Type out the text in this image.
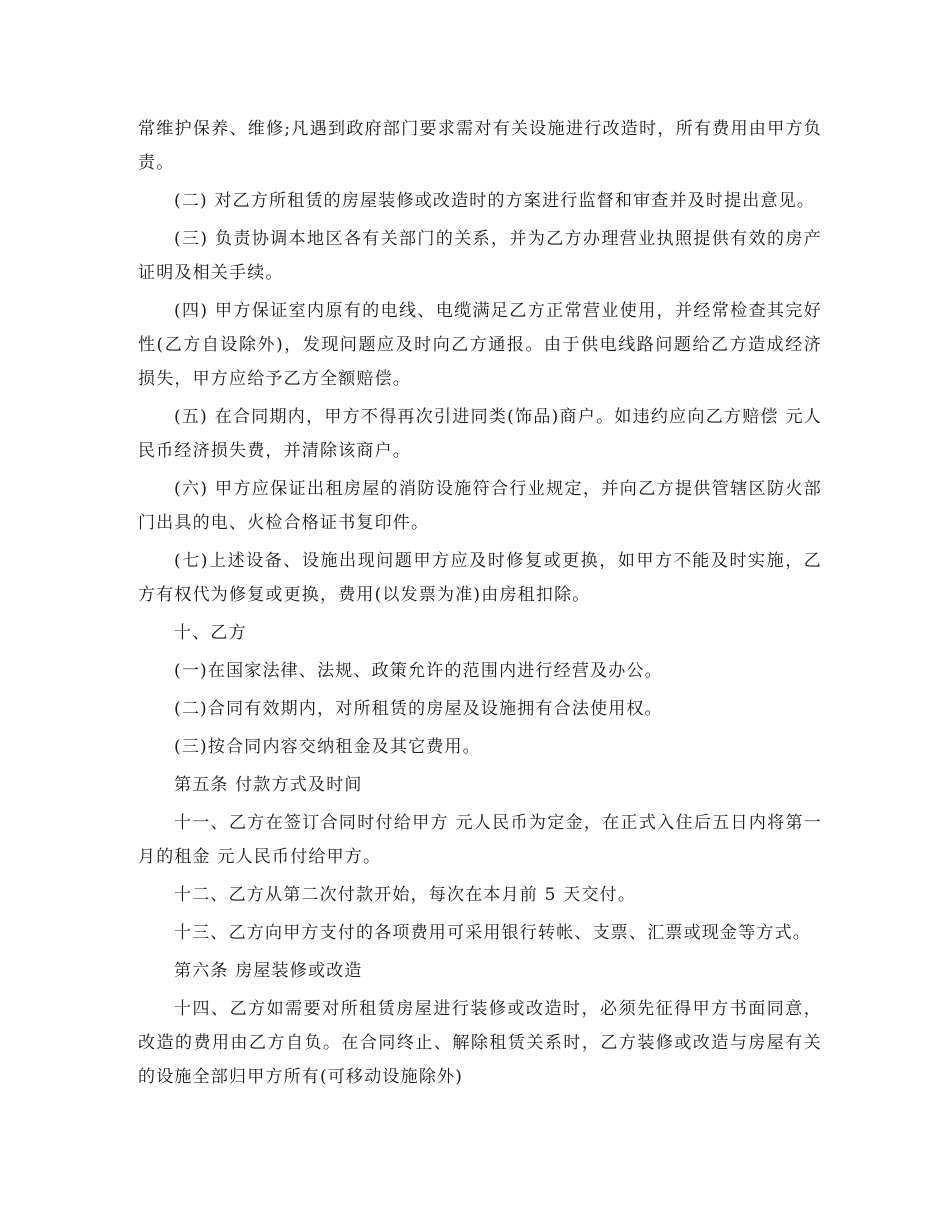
常维护保养、维修;凡遇到政府部门要求需对有关设施进行改造时，所有费用由甲方负责。

(二) 对乙方所租赁的房屋装修或改造时的方案进行监督和审查并及时提出意见。

(三) 负责协调本地区各有关部门的关系，并为乙方办理营业执照提供有效的房产证明及相关手续。

(四) 甲方保证室内原有的电线、电缆满足乙方正常营业使用，并经常检查其完好性(乙方自设除外)，发现问题应及时向乙方通报。由于供电线路问题给乙方造成经济损失，甲方应给予乙方全额赔偿。

(五) 在合同期内，甲方不得再次引进同类(饰品)商户。如违约应向乙方赔偿 元人民币经济损失费，并清除该商户。

(六) 甲方应保证出租房屋的消防设施符合行业规定，并向乙方提供管辖区防火部门出具的电、火检合格证书复印件。

(七)上述设备、设施出现问题甲方应及时修复或更换，如甲方不能及时实施，乙方有权代为修复或更换，费用(以发票为准)由房租扣除。

十、乙方

(一)在国家法律、法规、政策允许的范围内进行经营及办公。

(二)合同有效期内，对所租赁的房屋及设施拥有合法使用权。

(三)按合同内容交纳租金及其它费用。

第五条 付款方式及时间

十一、乙方在签订合同时付给甲方 元人民币为定金，在正式入住后五日内将第一月的租金 元人民币付给甲方。

十二、乙方从第二次付款开始，每次在本月前 5 天交付。

十三、乙方向甲方支付的各项费用可采用银行转帐、支票、汇票或现金等方式。

第六条 房屋装修或改造

十四、乙方如需要对所租赁房屋进行装修或改造时，必须先征得甲方书面同意，改造的费用由乙方自负。在合同终止、解除租赁关系时，乙方装修或改造与房屋有关的设施全部归甲方所有(可移动设施除外)
